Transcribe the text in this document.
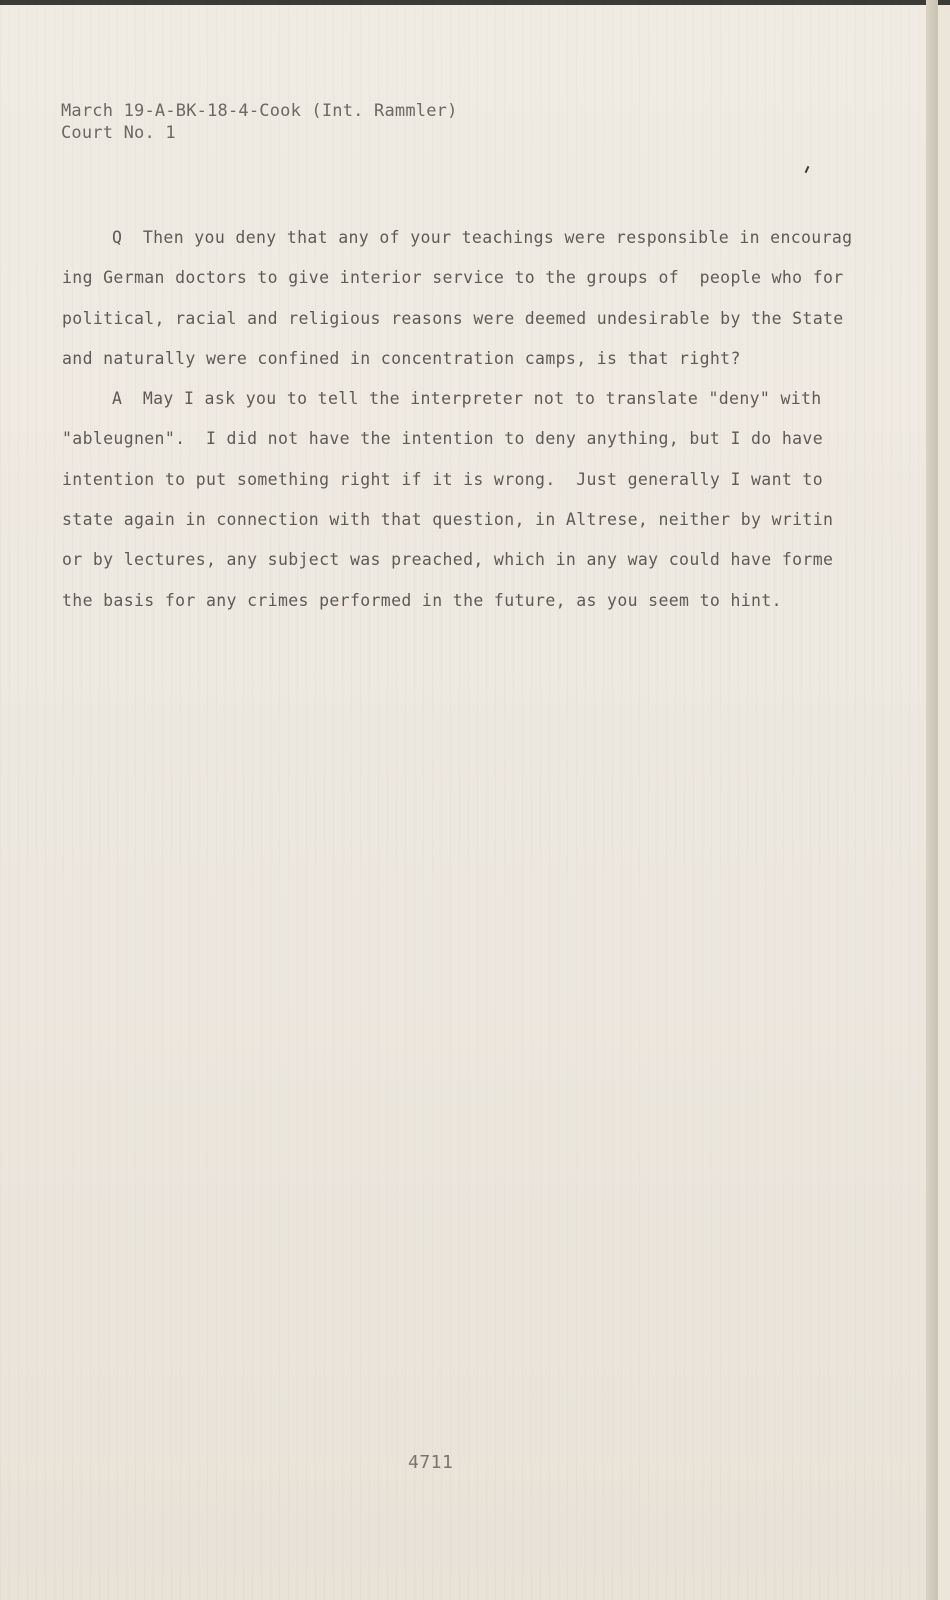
March 19-A-BK-18-4-Cook (Int. Rammler)
Court No. 1
Q  Then you deny that any of your teachings were responsible in encourag
ing German doctors to give interior service to the groups of  people who for
political, racial and religious reasons were deemed undesirable by the State
and naturally were confined in concentration camps, is that right?
A  May I ask you to tell the interpreter not to translate "deny" with
"ableugnen".  I did not have the intention to deny anything, but I do have
intention to put something right if it is wrong.  Just generally I want to
state again in connection with that question, in Altrese, neither by writin
or by lectures, any subject was preached, which in any way could have forme
the basis for any crimes performed in the future, as you seem to hint.
4711
